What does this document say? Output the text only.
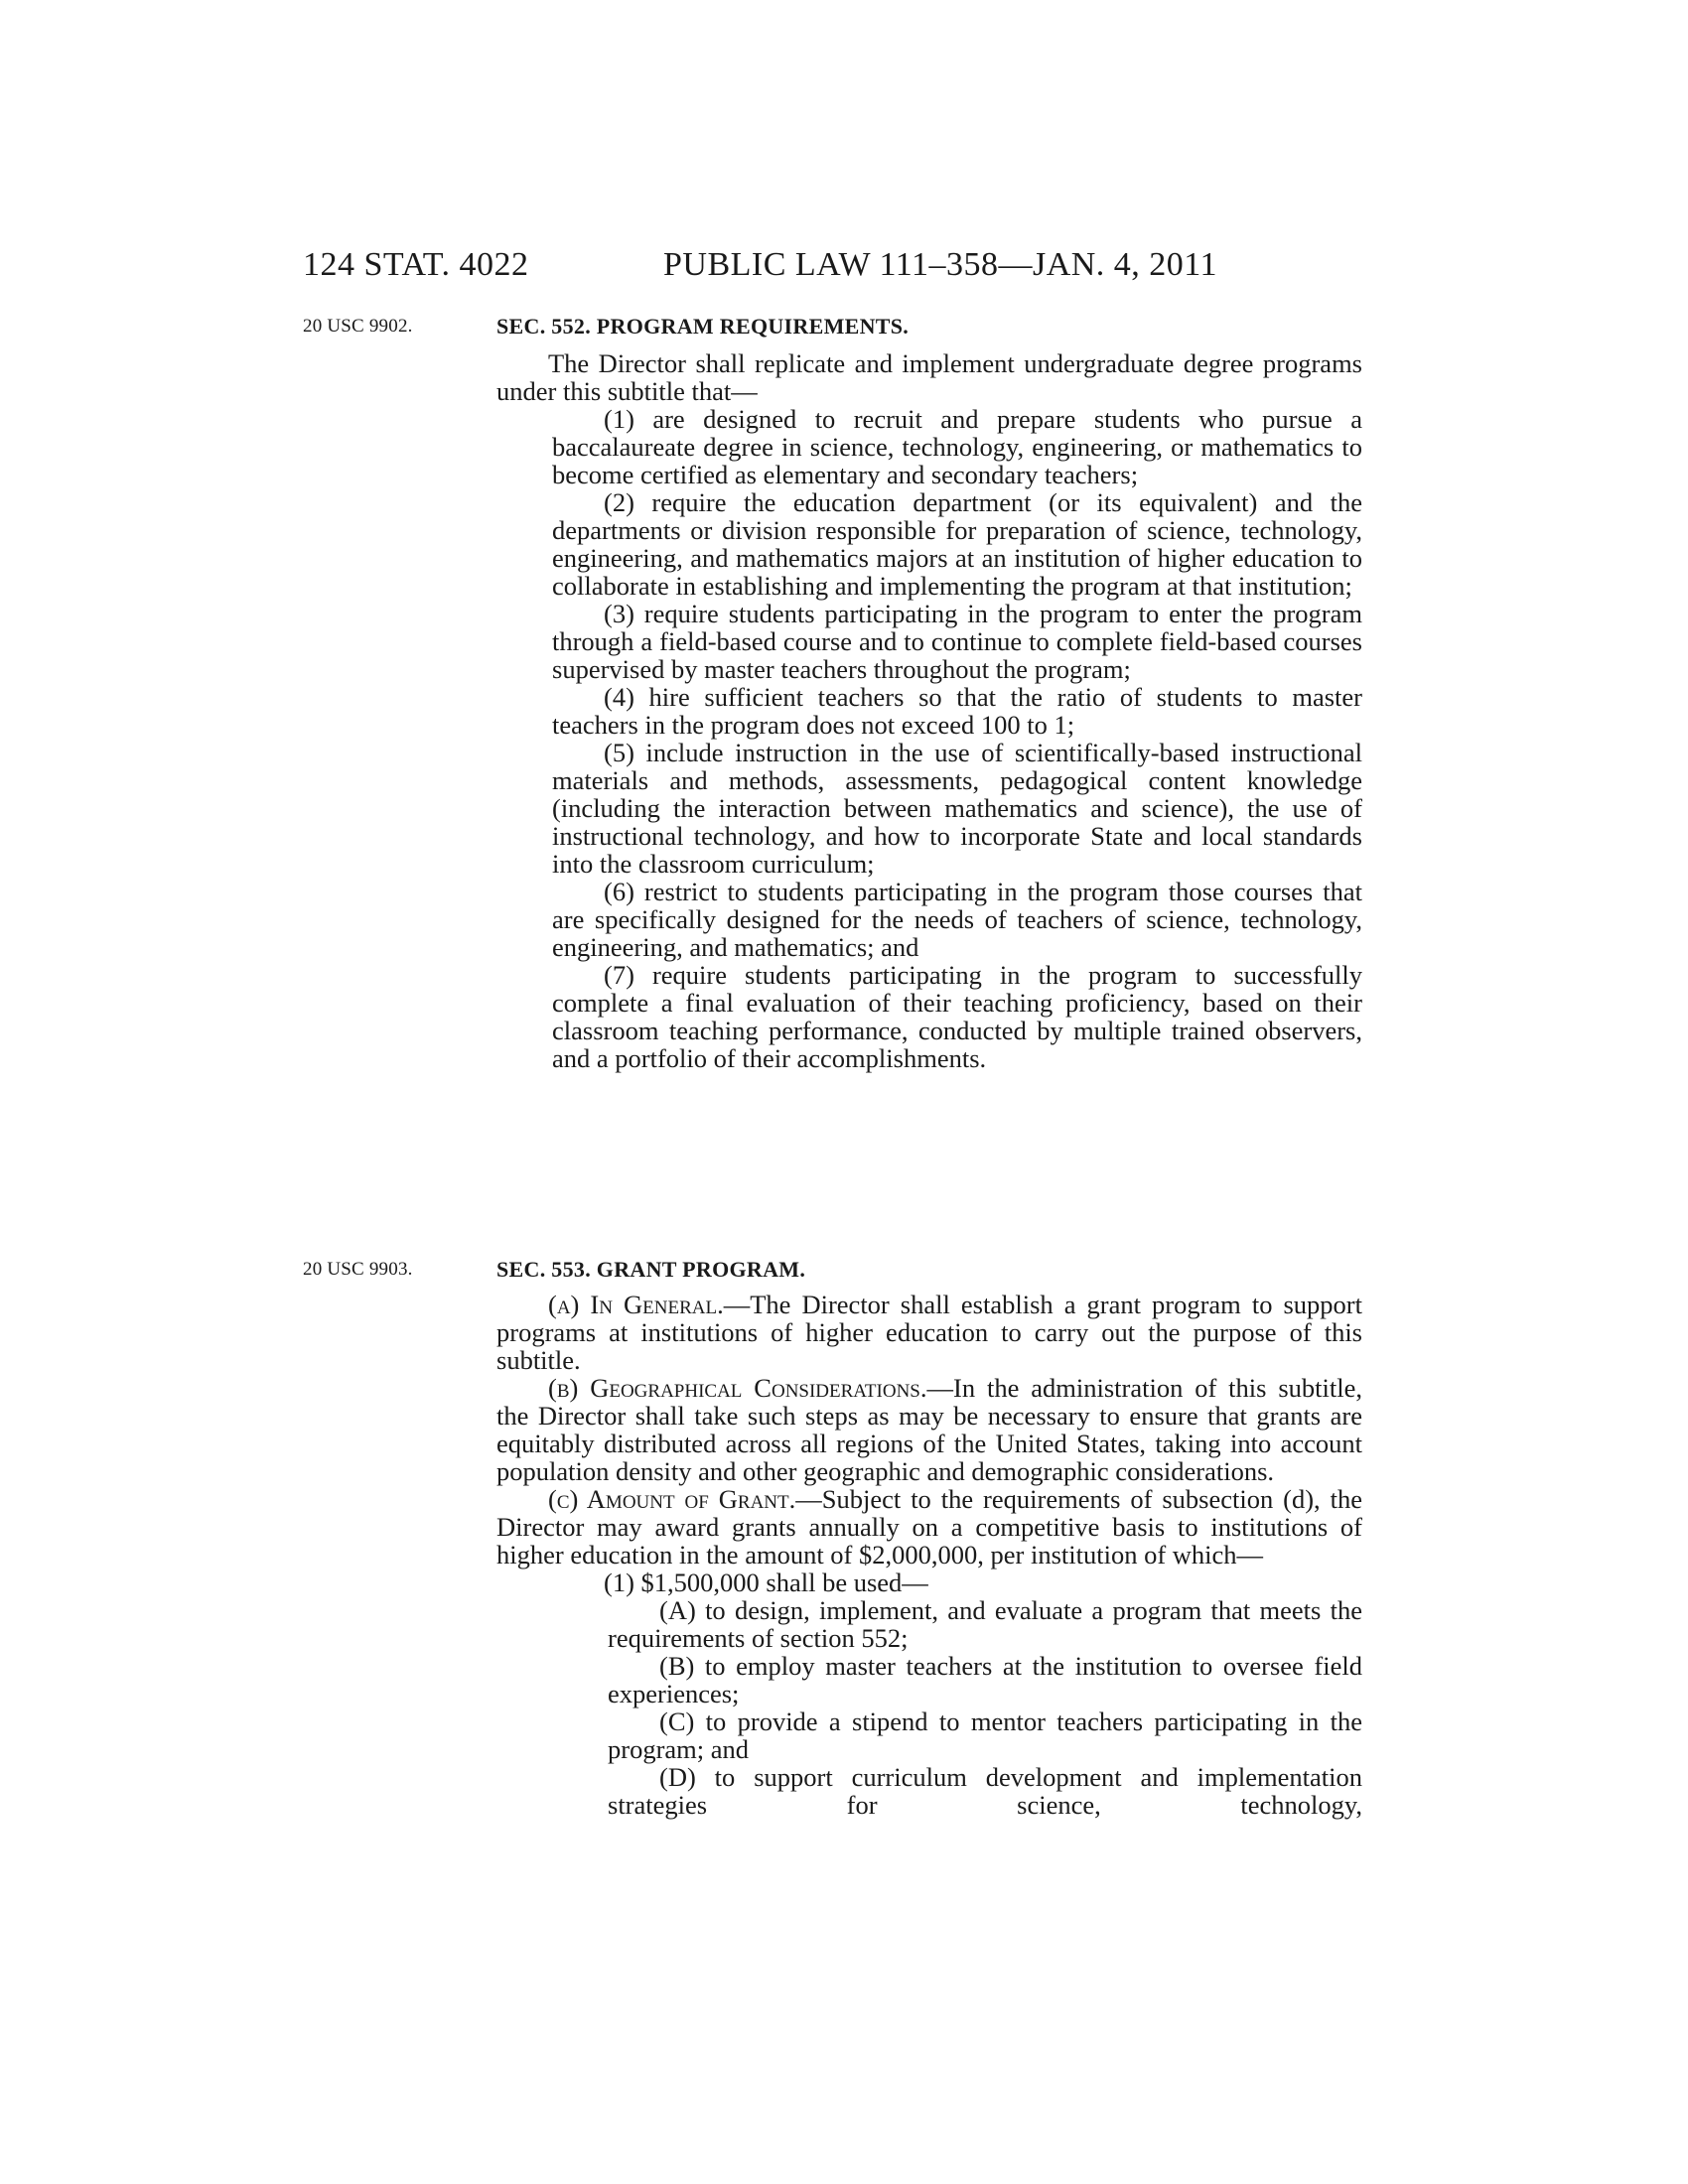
124 STAT. 4022	PUBLIC LAW 111–358—JAN. 4, 2011
20 USC 9902.	SEC. 552. PROGRAM REQUIREMENTS.

The Director shall replicate and implement undergraduate degree programs under this subtitle that—

(1) are designed to recruit and prepare students who pursue a baccalaureate degree in science, technology, engineering, or mathematics to become certified as elementary and secondary teachers;

(2) require the education department (or its equivalent) and the departments or division responsible for preparation of science, technology, engineering, and mathematics majors at an institution of higher education to collaborate in establishing and implementing the program at that institution;

(3) require students participating in the program to enter the program through a field-based course and to continue to complete field-based courses supervised by master teachers throughout the program;

(4) hire sufficient teachers so that the ratio of students to master teachers in the program does not exceed 100 to 1;

(5) include instruction in the use of scientifically-based instructional materials and methods, assessments, pedagogical content knowledge (including the interaction between mathematics and science), the use of instructional technology, and how to incorporate State and local standards into the classroom curriculum;

(6) restrict to students participating in the program those courses that are specifically designed for the needs of teachers of science, technology, engineering, and mathematics; and

(7) require students participating in the program to successfully complete a final evaluation of their teaching proficiency, based on their classroom teaching performance, conducted by multiple trained observers, and a portfolio of their accomplishments.

20 USC 9903.	SEC. 553. GRANT PROGRAM.

(a) In General.—The Director shall establish a grant program to support programs at institutions of higher education to carry out the purpose of this subtitle.

(b) Geographical Considerations.—In the administration of this subtitle, the Director shall take such steps as may be necessary to ensure that grants are equitably distributed across all regions of the United States, taking into account population density and other geographic and demographic considerations.

(c) Amount of Grant.—Subject to the requirements of subsection (d), the Director may award grants annually on a competitive basis to institutions of higher education in the amount of $2,000,000, per institution of which—

(1) $1,500,000 shall be used—

(A) to design, implement, and evaluate a program that meets the requirements of section 552;

(B) to employ master teachers at the institution to oversee field experiences;

(C) to provide a stipend to mentor teachers participating in the program; and

(D) to support curriculum development and implementation strategies for science, technology,
